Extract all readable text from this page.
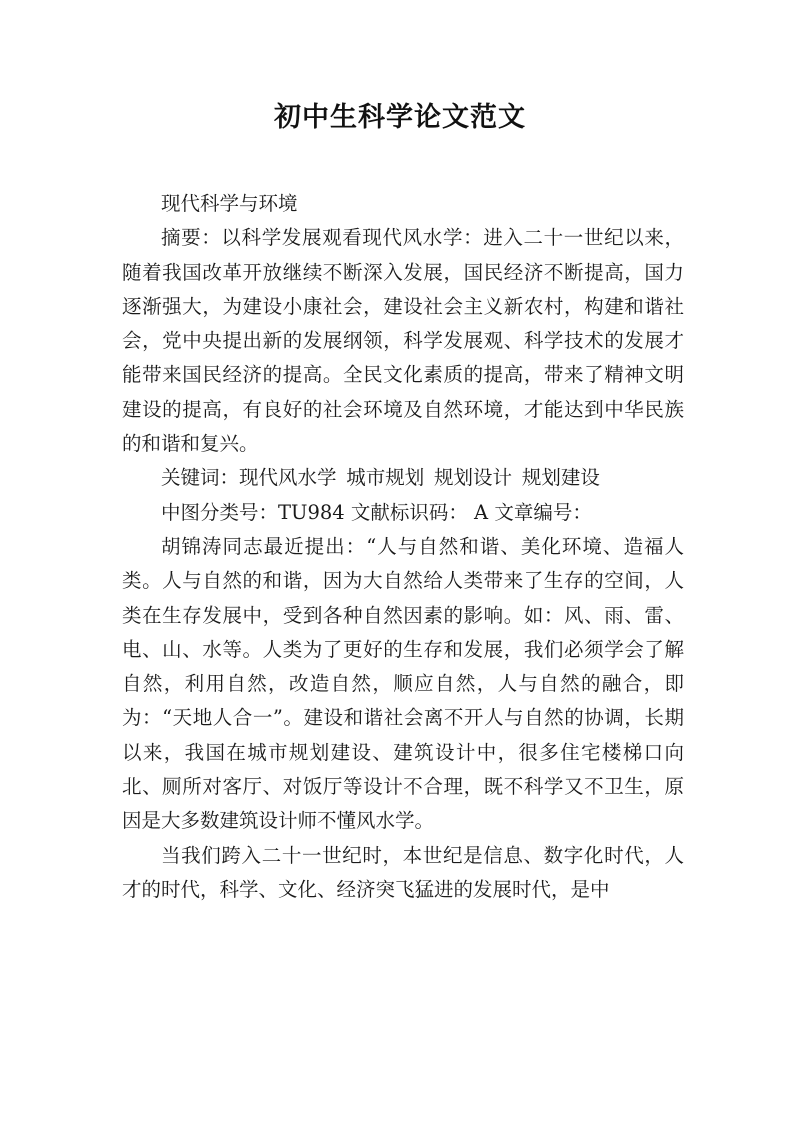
初中生科学论文范文

现代科学与环境

摘要：以科学发展观看现代风水学：进入二十一世纪以来，随着我国改革开放继续不断深入发展，国民经济不断提高，国力逐渐强大，为建设小康社会，建设社会主义新农村，构建和谐社会，党中央提出新的发展纲领，科学发展观、科学技术的发展才能带来国民经济的提高。全民文化素质的提高，带来了精神文明建设的提高，有良好的社会环境及自然环境，才能达到中华民族的和谐和复兴。

关键词：现代风水学 城市规划 规划设计 规划建设

中图分类号：TU984 文献标识码： A 文章编号：

胡锦涛同志最近提出：“人与自然和谐、美化环境、造福人类。人与自然的和谐，因为大自然给人类带来了生存的空间，人类在生存发展中，受到各种自然因素的影响。如：风、雨、雷、电、山、水等。人类为了更好的生存和发展，我们必须学会了解自然，利用自然，改造自然，顺应自然，人与自然的融合，即为：“天地人合一”。建设和谐社会离不开人与自然的协调，长期以来，我国在城市规划建设、建筑设计中，很多住宅楼梯口向北、厕所对客厅、对饭厅等设计不合理，既不科学又不卫生，原因是大多数建筑设计师不懂风水学。

当我们跨入二十一世纪时，本世纪是信息、数字化时代，人才的时代，科学、文化、经济突飞猛进的发展时代，是中
